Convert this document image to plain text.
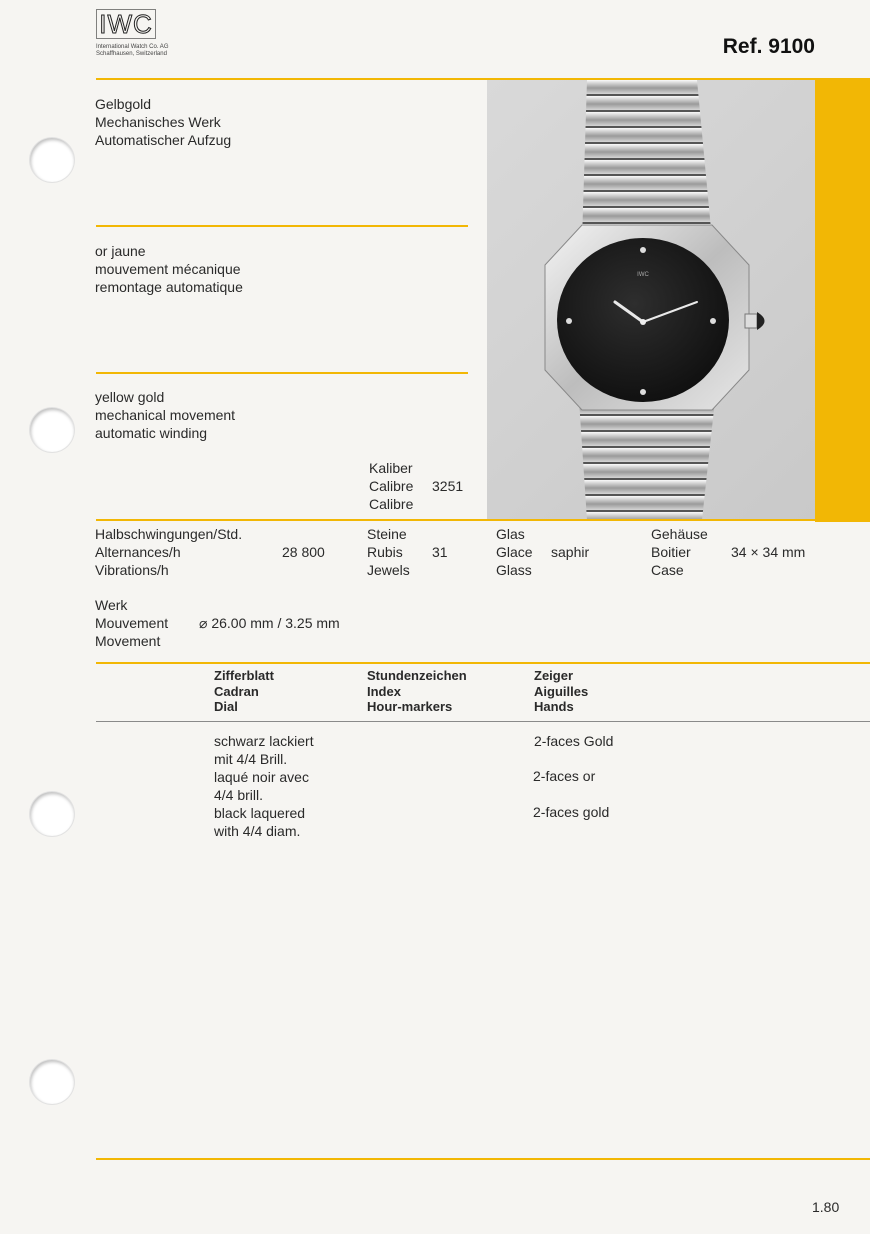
IWC
International Watch Co. AG
Schaffhausen, Switzerland	Ref. 9100
Gelbgold
Mechanisches Werk
Automatischer Aufzug
or jaune
mouvement mécanique
remontage automatique
yellow gold
mechanical movement
automatic winding
IWC
Kaliber
Calibre
Calibre
3251
Halbschwingungen/Std.
Alternances/h
Vibrations/h
28 800
Steine
Rubis
Jewels
31
Glas
Glace
Glass
saphir
Gehäuse
Boitier
Case
34 × 34 mm
Werk
Mouvement
Movement
⌀ 26.00 mm / 3.25 mm
Zifferblatt
Cadran
Dial
Stundenzeichen
Index
Hour-markers
Zeiger
Aiguilles
Hands
schwarz lackiert
mit 4/4 Brill.
laqué noir avec
4/4 brill.
black laquered
with 4/4 diam.
2-faces Gold
2-faces or
2-faces gold
1.80
